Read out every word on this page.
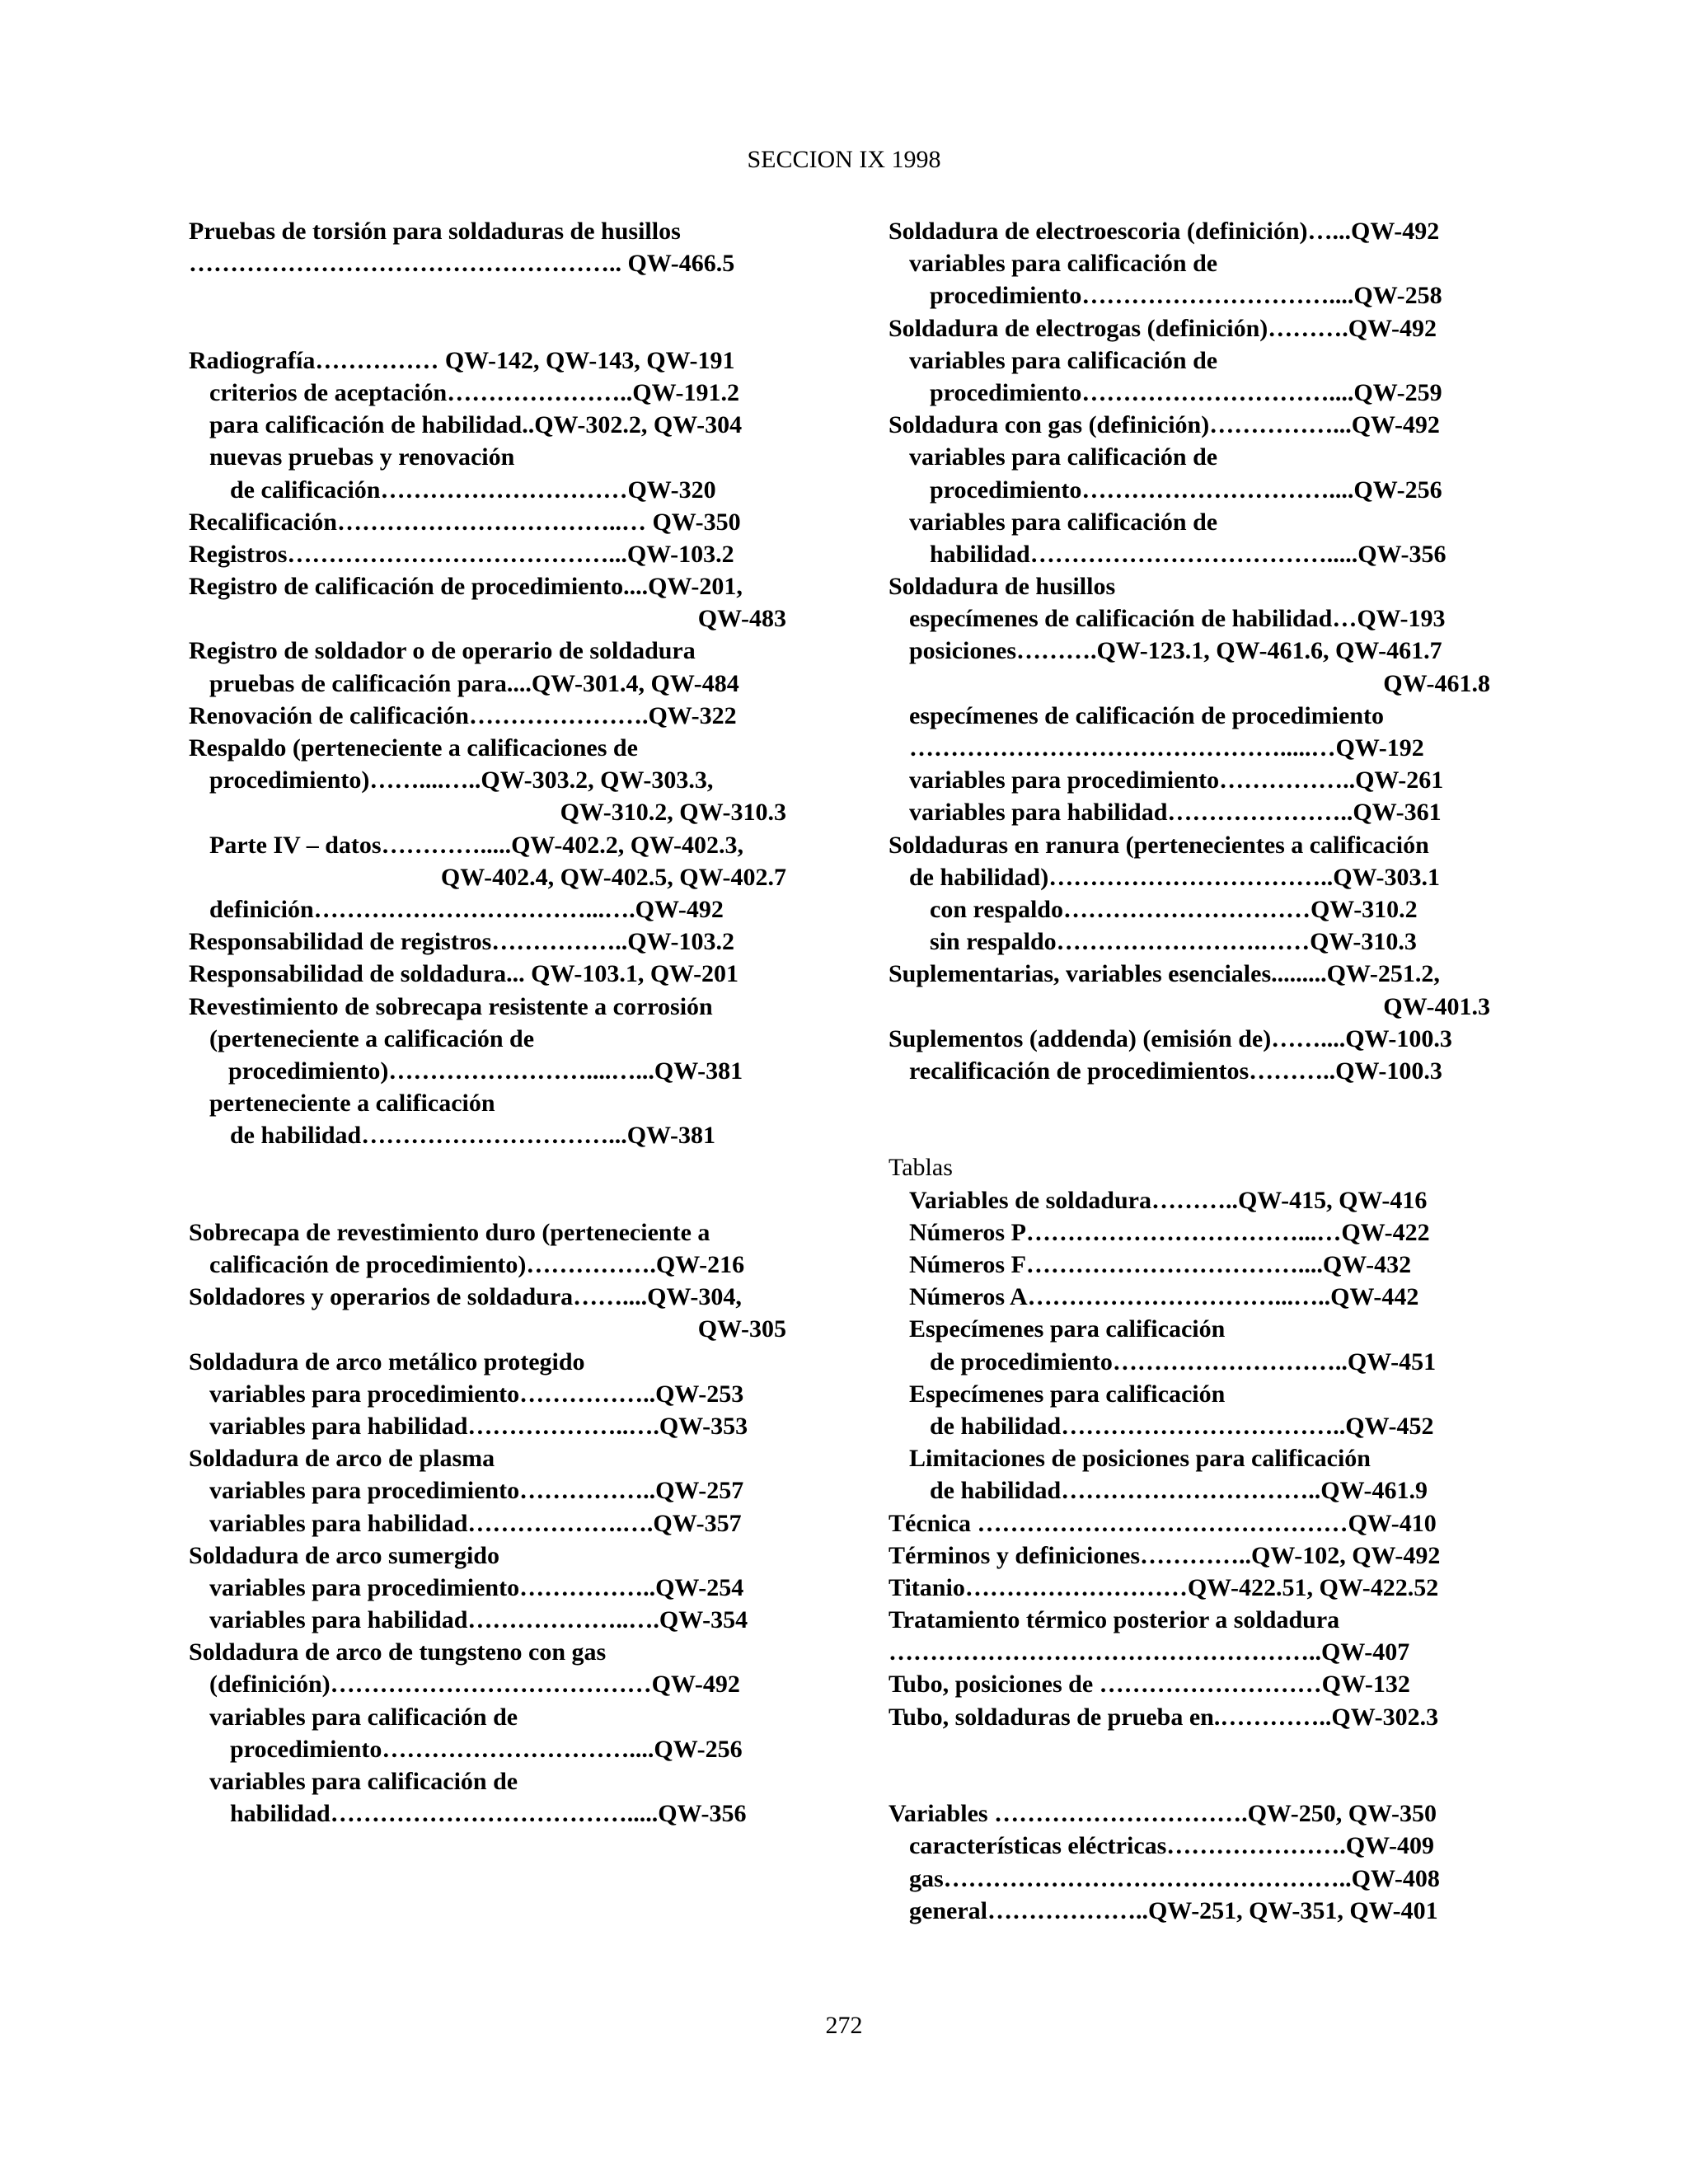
SECCION IX 1998
Pruebas de torsión para soldaduras de husillos
…………………………………………….. QW-466.5
Radiografía…………… QW-142, QW-143, QW-191
criterios de aceptación…………………..QW-191.2
para calificación de habilidad..QW-302.2, QW-304
nuevas pruebas y renovación
de calificación…………………………QW-320
Recalificación……………………………..… QW-350
Registros…………………………………...QW-103.2
Registro de calificación de procedimiento....QW-201,
QW-483
Registro de soldador o de operario de soldadura
pruebas de calificación para....QW-301.4, QW-484
Renovación de calificación………………….QW-322
Respaldo (perteneciente a calificaciones de
procedimiento)……....…..QW-303.2, QW-303.3,
QW-310.2, QW-310.3
Parte IV – datos………….....QW-402.2, QW-402.3,
QW-402.4, QW-402.5, QW-402.7
definición……………………………...….QW-492
Responsabilidad de registros……………..QW-103.2
Responsabilidad de soldadura... QW-103.1, QW-201
Revestimiento de sobrecapa resistente a corrosión
(perteneciente a calificación de
procedimiento)……………………....…...QW-381
perteneciente a calificación
de habilidad…………………………...QW-381
Sobrecapa de revestimiento duro (perteneciente a
calificación de procedimiento)…………….QW-216
Soldadores y operarios de soldadura……....QW-304,
QW-305
Soldadura de arco metálico protegido
variables para procedimiento……………..QW-253
variables para habilidad………………..….QW-353
Soldadura de arco de plasma
variables para procedimiento……………..QW-257
variables para habilidad……………….….QW-357
Soldadura de arco sumergido
variables para procedimiento……………..QW-254
variables para habilidad………………..….QW-354
Soldadura de arco de tungsteno con gas
(definición)…………………………………QW-492
variables para calificación de
procedimiento…………………………....QW-256
variables para calificación de
habilidad……………………………….....QW-356
Soldadura de electroescoria (definición)…...QW-492
variables para calificación de
procedimiento…………………………....QW-258
Soldadura de electrogas (definición)……….QW-492
variables para calificación de
procedimiento…………………………....QW-259
Soldadura con gas (definición)……………...QW-492
variables para calificación de
procedimiento…………………………....QW-256
variables para calificación de
habilidad……………………………….....QW-356
Soldadura de husillos
especímenes de calificación de habilidad…QW-193
posiciones……….QW-123.1, QW-461.6, QW-461.7
QW-461.8
especímenes de calificación de procedimiento
……………………………………….....…QW-192
variables para procedimiento……………..QW-261
variables para habilidad…………………..QW-361
Soldaduras en ranura (pertenecientes a calificación
de habilidad)……………………………..QW-303.1
con respaldo…………………………QW-310.2
sin respaldo…………………….……QW-310.3
Suplementarias, variables esenciales.........QW-251.2,
QW-401.3
Suplementos (addenda) (emisión de)……....QW-100.3
recalificación de procedimientos………..QW-100.3
Tablas
Variables de soldadura………..QW-415, QW-416
Números P……………………………...…QW-422
Números F……………………………....QW-432
Números A…………………………...…..QW-442
Especímenes para calificación
de procedimiento………………………..QW-451
Especímenes para calificación
de habilidad……………………………..QW-452
Limitaciones de posiciones para calificación
de habilidad…………………………..QW-461.9
Técnica ………………………………………QW-410
Términos y definiciones…………..QW-102, QW-492
Titanio………………………QW-422.51, QW-422.52
Tratamiento térmico posterior a soldadura
……………………………………………..QW-407
Tubo, posiciones de ………………………QW-132
Tubo, soldaduras de prueba en.…………..QW-302.3
Variables ………………………….QW-250, QW-350
características eléctricas………………….QW-409
gas…………………………………………..QW-408
general………………..QW-251, QW-351, QW-401
272
